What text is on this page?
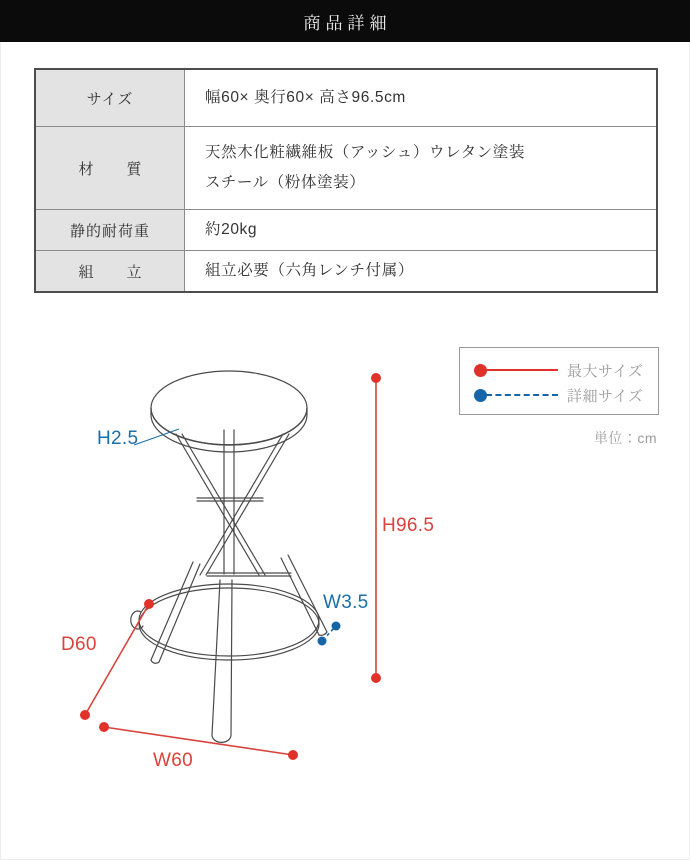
商品詳細
サイズ	幅60× 奥行60× 高さ96.5cm

材　質	天然木化粧繊維板（アッシュ）ウレタン塗装
スチール（粉体塗装）

静的耐荷重	約20kg

組　立	組立必要（六角レンチ付属）
最大サイズ
詳細サイズ
単位：cm
H2.5
H96.5
W3.5
D60
W60
